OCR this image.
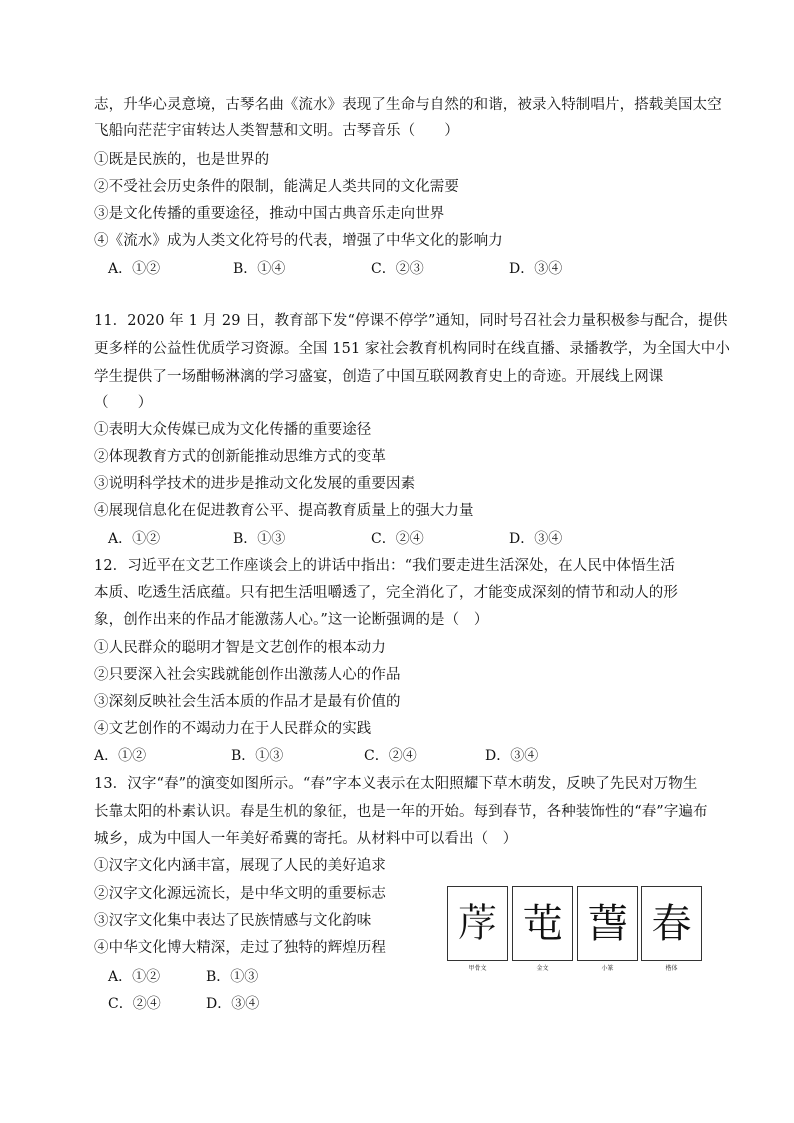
志，升华心灵意境，古琴名曲《流水》表现了生命与自然的和谐，被录入特制唱片，搭载美国太空
飞船向茫茫宇宙转达人类智慧和文明。古琴音乐（　　）
①既是民族的，也是世界的
②不受社会历史条件的限制，能满足人类共同的文化需要
③是文化传播的重要途径，推动中国古典音乐走向世界
④《流水》成为人类文化符号的代表，增强了中华文化的影响力
A．①②	B．①④	C．②③	D．③④
11．2020 年 1 月 29 日，教育部下发“停课不停学”通知，同时号召社会力量积极参与配合，提供
更多样的公益性优质学习资源。全国 151 家社会教育机构同时在线直播、录播教学，为全国大中小
学生提供了一场酣畅淋漓的学习盛宴，创造了中国互联网教育史上的奇迹。开展线上网课
（　　）
①表明大众传媒已成为文化传播的重要途径
②体现教育方式的创新能推动思维方式的变革
③说明科学技术的进步是推动文化发展的重要因素
④展现信息化在促进教育公平、提高教育质量上的强大力量
A．①②	B．①③	C．②④	D．③④
12．习近平在文艺工作座谈会上的讲话中指出：“我们要走进生活深处，在人民中体悟生活
本质、吃透生活底蕴。只有把生活咀嚼透了，完全消化了，才能变成深刻的情节和动人的形
象，创作出来的作品才能激荡人心。”这一论断强调的是（　）
①人民群众的聪明才智是文艺创作的根本动力
②只要深入社会实践就能创作出激荡人心的作品
③深刻反映社会生活本质的作品才是最有价值的
④文艺创作的不竭动力在于人民群众的实践
A．①②	B．①③	C．②④	D．③④
13．汉字“春”的演变如图所示。“春”字本义表示在太阳照耀下草木萌发，反映了先民对万物生
长靠太阳的朴素认识。春是生机的象征，也是一年的开始。每到春节，各种装饰性的“春”字遍布
城乡，成为中国人一年美好希冀的寄托。从材料中可以看出（　）
①汉字文化内涵丰富，展现了人民的美好追求
②汉字文化源远流长，是中华文明的重要标志
③汉字文化集中表达了民族情感与文化韵味
④中华文化博大精深，走过了独特的辉煌历程
A．①②	B．①③
C．②④	D．③④
𦯅 芚 萅 春
甲骨文	金文	小篆	楷体
